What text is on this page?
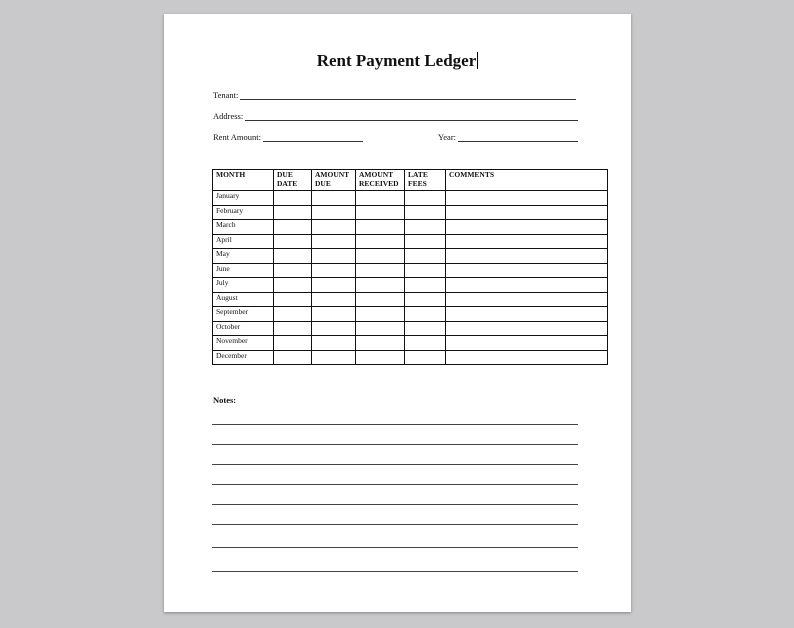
Rent Payment Ledger
Tenant:
Address:
Rent Amount:	Year:
MONTH	DUE DATE	AMOUNT DUE	AMOUNT RECEIVED	LATE FEES	COMMENTS
January					
February					
March					
April					
May					
June					
July					
August					
September					
October					
November					
December					
Notes:
